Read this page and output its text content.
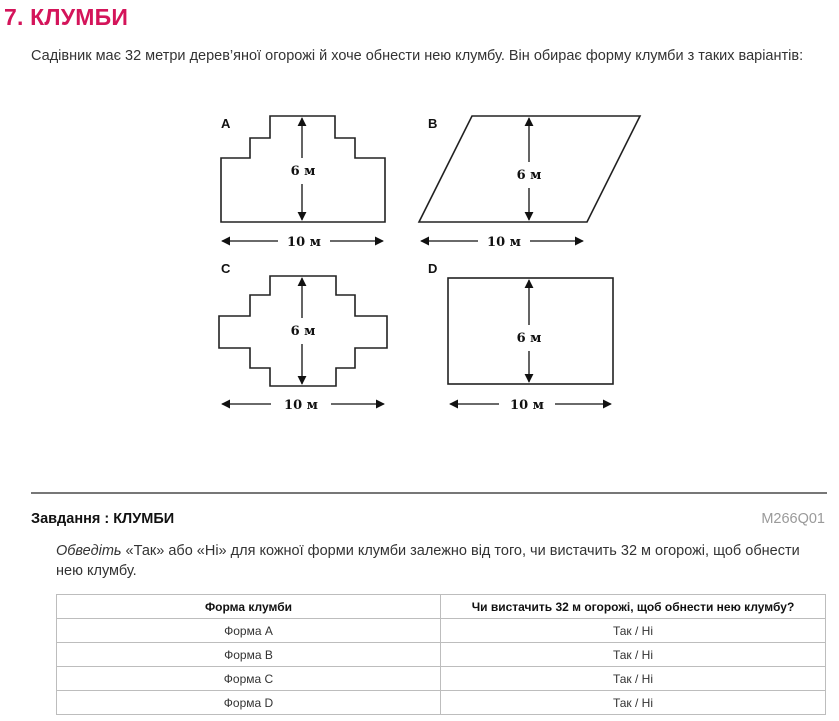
7. КЛУМБИ

Садівник має 32 метри дерев’яної огорожі й хоче обнести нею клумбу. Він обирає форму клумби з таких варіантів:

A	B
C	D
6 м	6 м
6 м	6 м
10 м	10 м
10 м	10 м
Завдання : КЛУМБИ	M266Q01

Обведіть «Так» або «Ні» для кожної форми клумби залежно від того, чи вистачить 32 м огорожі, щоб обнести нею клумбу.

Форма клумби	Чи вистачить 32 м огорожі, щоб обнести нею клумбу?
Форма A	Так / Ні
Форма B	Так / Ні
Форма C	Так / Ні
Форма D	Так / Ні
